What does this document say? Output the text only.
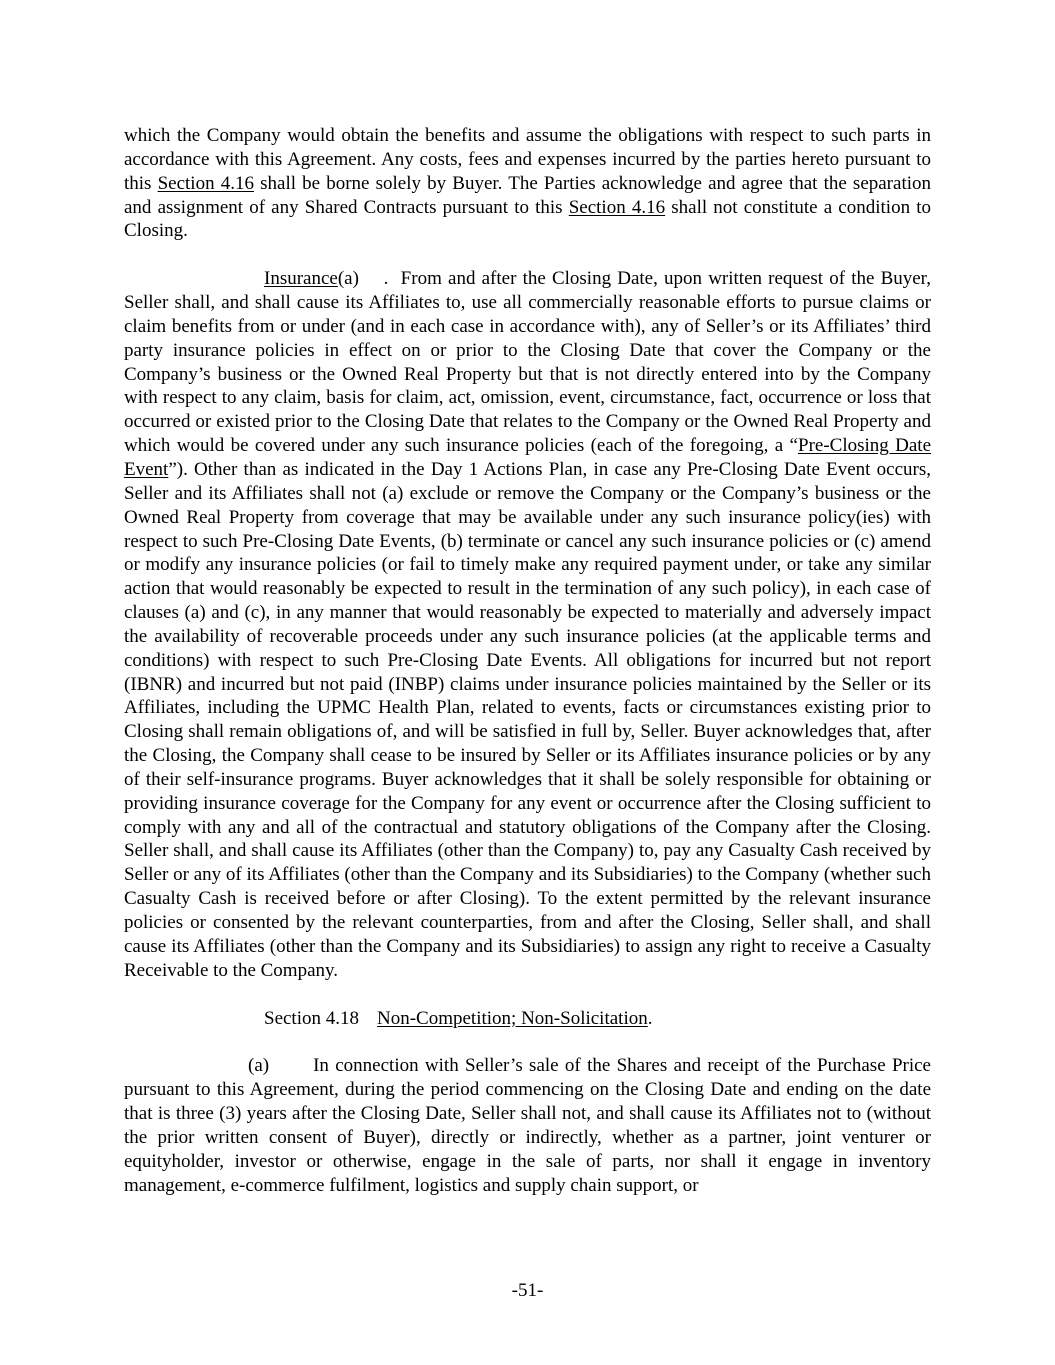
which the Company would obtain the benefits and assume the obligations with respect to such parts in accordance with this Agreement. Any costs, fees and expenses incurred by the parties hereto pursuant to this Section 4.16 shall be borne solely by Buyer. The Parties acknowledge and agree that the separation and assignment of any Shared Contracts pursuant to this Section 4.16 shall not constitute a condition to Closing.

Insurance(a)    .  From and after the Closing Date, upon written request of the Buyer, Seller shall, and shall cause its Affiliates to, use all commercially reasonable efforts to pursue claims or claim benefits from or under (and in each case in accordance with), any of Seller’s or its Affiliates’ third party insurance policies in effect on or prior to the Closing Date that cover the Company or the Company’s business or the Owned Real Property but that is not directly entered into by the Company with respect to any claim, basis for claim, act, omission, event, circumstance, fact, occurrence or loss that occurred or existed prior to the Closing Date that relates to the Company or the Owned Real Property and which would be covered under any such insurance policies (each of the foregoing, a “Pre-Closing Date Event”). Other than as indicated in the Day 1 Actions Plan, in case any Pre-Closing Date Event occurs, Seller and its Affiliates shall not (a) exclude or remove the Company or the Company’s business or the Owned Real Property from coverage that may be available under any such insurance policy(ies) with respect to such Pre-Closing Date Events, (b) terminate or cancel any such insurance policies or (c) amend or modify any insurance policies (or fail to timely make any required payment under, or take any similar action that would reasonably be expected to result in the termination of any such policy), in each case of clauses (a) and (c), in any manner that would reasonably be expected to materially and adversely impact the availability of recoverable proceeds under any such insurance policies (at the applicable terms and conditions) with respect to such Pre-Closing Date Events. All obligations for incurred but not report (IBNR) and incurred but not paid (INBP) claims under insurance policies maintained by the Seller or its Affiliates, including the UPMC Health Plan, related to events, facts or circumstances existing prior to Closing shall remain obligations of, and will be satisfied in full by, Seller. Buyer acknowledges that, after the Closing, the Company shall cease to be insured by Seller or its Affiliates insurance policies or by any of their self-insurance programs. Buyer acknowledges that it shall be solely responsible for obtaining or providing insurance coverage for the Company for any event or occurrence after the Closing sufficient to comply with any and all of the contractual and statutory obligations of the Company after the Closing. Seller shall, and shall cause its Affiliates (other than the Company) to, pay any Casualty Cash received by Seller or any of its Affiliates (other than the Company and its Subsidiaries) to the Company (whether such Casualty Cash is received before or after Closing). To the extent permitted by the relevant insurance policies or consented by the relevant counterparties, from and after the Closing, Seller shall, and shall cause its Affiliates (other than the Company and its Subsidiaries) to assign any right to receive a Casualty Receivable to the Company.

Section 4.18 Non-Competition; Non-Solicitation.

(a) In connection with Seller’s sale of the Shares and receipt of the Purchase Price pursuant to this Agreement, during the period commencing on the Closing Date and ending on the date that is three (3) years after the Closing Date, Seller shall not, and shall cause its Affiliates not to (without the prior written consent of Buyer), directly or indirectly, whether as a partner, joint venturer or equityholder, investor or otherwise, engage in the sale of parts, nor shall it engage in inventory management, e-commerce fulfilment, logistics and supply chain support, or

-51-
